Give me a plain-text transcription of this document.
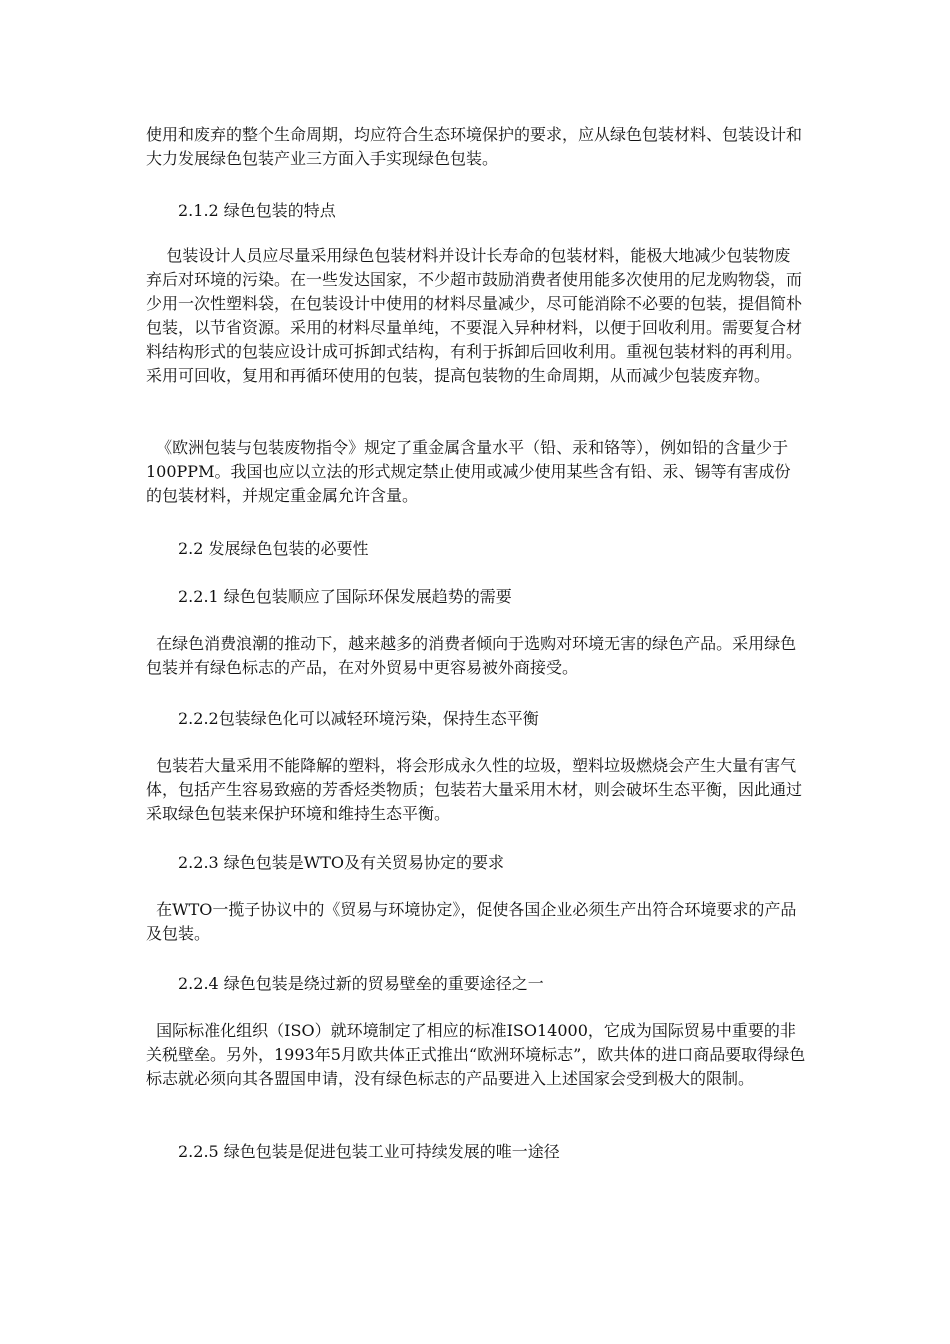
使用和废弃的整个生命周期，均应符合生态环境保护的要求，应从绿色包装材料、包装设计和大力发展绿色包装产业三方面入手实现绿色包装。

2.1.2 绿色包装的特点

包装设计人员应尽量采用绿色包装材料并设计长寿命的包装材料，能极大地减少包装物废弃后对环境的污染。在一些发达国家，不少超市鼓励消费者使用能多次使用的尼龙购物袋，而少用一次性塑料袋，在包装设计中使用的材料尽量减少，尽可能消除不必要的包装，提倡简朴包装，以节省资源。采用的材料尽量单纯，不要混入异种材料，以便于回收利用。需要复合材料结构形式的包装应设计成可拆卸式结构，有利于拆卸后回收利用。重视包装材料的再利用。采用可回收，复用和再循环使用的包装，提高包装物的生命周期，从而减少包装废弃物。

《欧洲包装与包装废物指令》规定了重金属含量水平（铅、汞和铬等），例如铅的含量少于100PPM。我国也应以立法的形式规定禁止使用或减少使用某些含有铅、汞、锡等有害成份的包装材料，并规定重金属允许含量。

2.2 发展绿色包装的必要性

2.2.1 绿色包装顺应了国际环保发展趋势的需要

在绿色消费浪潮的推动下，越来越多的消费者倾向于选购对环境无害的绿色产品。采用绿色包装并有绿色标志的产品，在对外贸易中更容易被外商接受。

2.2.2包装绿色化可以减轻环境污染，保持生态平衡

包装若大量采用不能降解的塑料，将会形成永久性的垃圾，塑料垃圾燃烧会产生大量有害气体，包括产生容易致癌的芳香烃类物质；包装若大量采用木材，则会破坏生态平衡，因此通过采取绿色包装来保护环境和维持生态平衡。

2.2.3 绿色包装是WTO及有关贸易协定的要求

在WTO一揽子协议中的《贸易与环境协定》，促使各国企业必须生产出符合环境要求的产品及包装。

2.2.4 绿色包装是绕过新的贸易壁垒的重要途径之一

国际标准化组织（ISO）就环境制定了相应的标准ISO14000，它成为国际贸易中重要的非关税壁垒。另外，1993年5月欧共体正式推出“欧洲环境标志”，欧共体的进口商品要取得绿色标志就必须向其各盟国申请，没有绿色标志的产品要进入上述国家会受到极大的限制。

2.2.5 绿色包装是促进包装工业可持续发展的唯一途径
